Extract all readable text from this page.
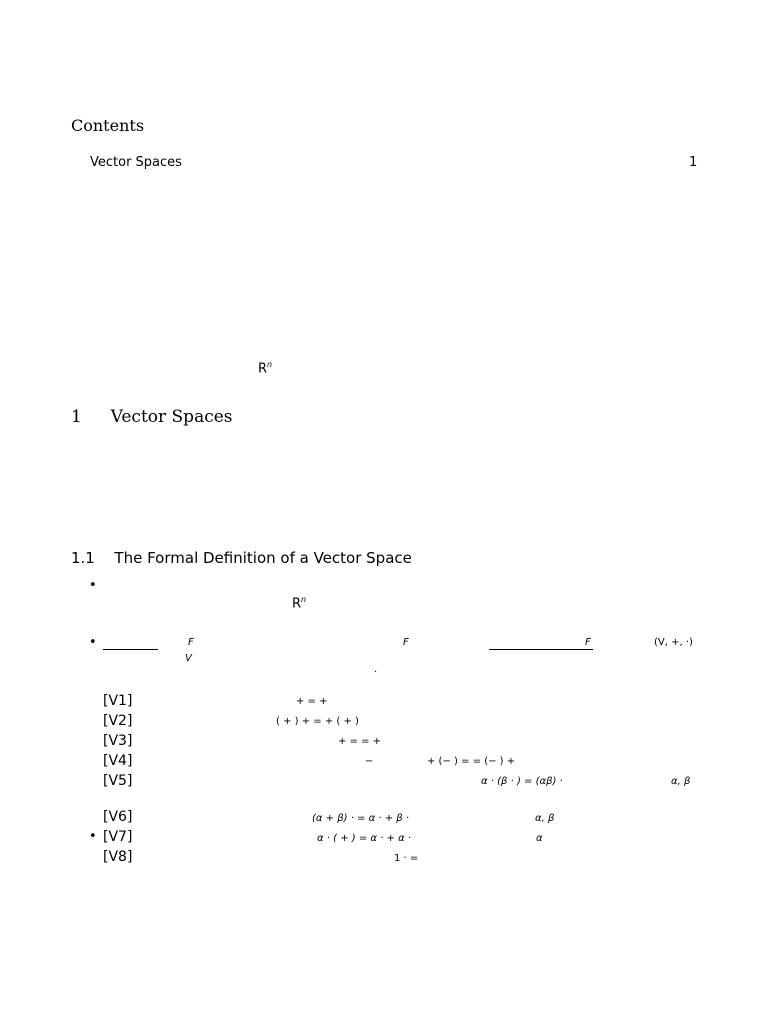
Contents
Vector Spaces	1
$R^n$
1 Vector Spaces
1.1 The Formal Definition of a Vector Space
•
$R^n$
•	F	F	F	(V, +, ·)
V
·
[V1]	+ = +
[V2]	( + ) + = + ( + )
[V3]	+ = = +
[V4]	−	+ (− ) = = (− ) +
[V5]	α · (β · ) = (αβ) ·	α, β
[V6]	(α + β) · = α · + β ·	α, β
• [V7]	α · ( + ) = α · + α ·	α
[V8]	1 · =
